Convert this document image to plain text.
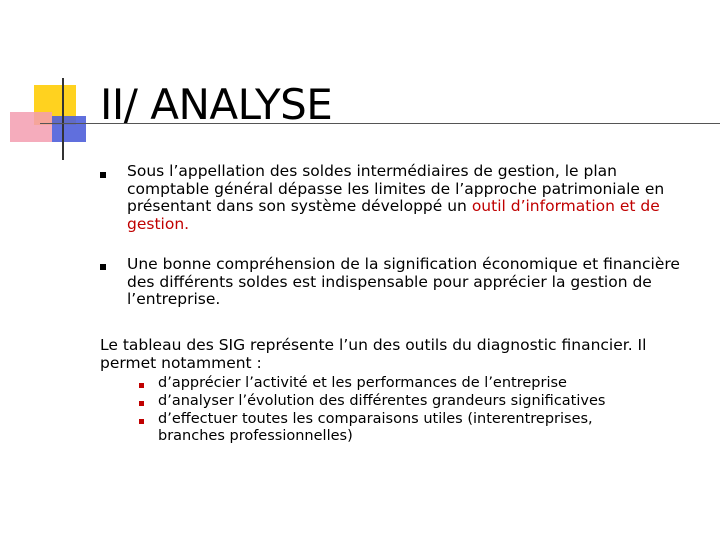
II/ ANALYSE
Sous l’appellation des soldes intermédiaires de gestion, le plan comptable général dépasse les limites de l’approche patrimoniale en présentant dans son système développé un outil d’information et de gestion.
Une bonne compréhension de la signification économique et financière des différents soldes est indispensable pour apprécier la gestion de l’entreprise.
Le tableau des SIG représente l’un des outils du diagnostic financier. Il permet notamment :
d’apprécier l’activité et les performances de l’entreprise
d’analyser l’évolution des différentes grandeurs significatives
d’effectuer toutes les comparaisons utiles (interentreprises, branches professionnelles)
